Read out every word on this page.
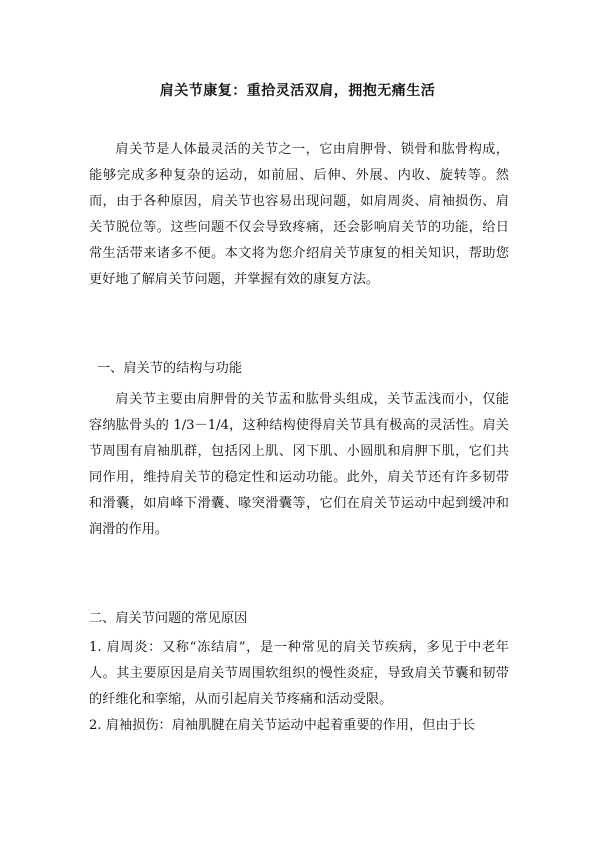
肩关节康复：重拾灵活双肩，拥抱无痛生活

肩关节是人体最灵活的关节之一，它由肩胛骨、锁骨和肱骨构成，能够完成多种复杂的运动，如前屈、后伸、外展、内收、旋转等。然而，由于各种原因，肩关节也容易出现问题，如肩周炎、肩袖损伤、肩关节脱位等。这些问题不仅会导致疼痛，还会影响肩关节的功能，给日常生活带来诸多不便。本文将为您介绍肩关节康复的相关知识，帮助您更好地了解肩关节问题，并掌握有效的康复方法。

一、肩关节的结构与功能

肩关节主要由肩胛骨的关节盂和肱骨头组成，关节盂浅而小，仅能容纳肱骨头的 1/3－1/4，这种结构使得肩关节具有极高的灵活性。肩关节周围有肩袖肌群，包括冈上肌、冈下肌、小圆肌和肩胛下肌，它们共同作用，维持肩关节的稳定性和运动功能。此外，肩关节还有许多韧带和滑囊，如肩峰下滑囊、喙突滑囊等，它们在肩关节运动中起到缓冲和润滑的作用。

二、肩关节问题的常见原因

1. 肩周炎：又称“冻结肩”，是一种常见的肩关节疾病，多见于中老年人。其主要原因是肩关节周围软组织的慢性炎症，导致肩关节囊和韧带的纤维化和挛缩，从而引起肩关节疼痛和活动受限。

2. 肩袖损伤：肩袖肌腱在肩关节运动中起着重要的作用，但由于长
